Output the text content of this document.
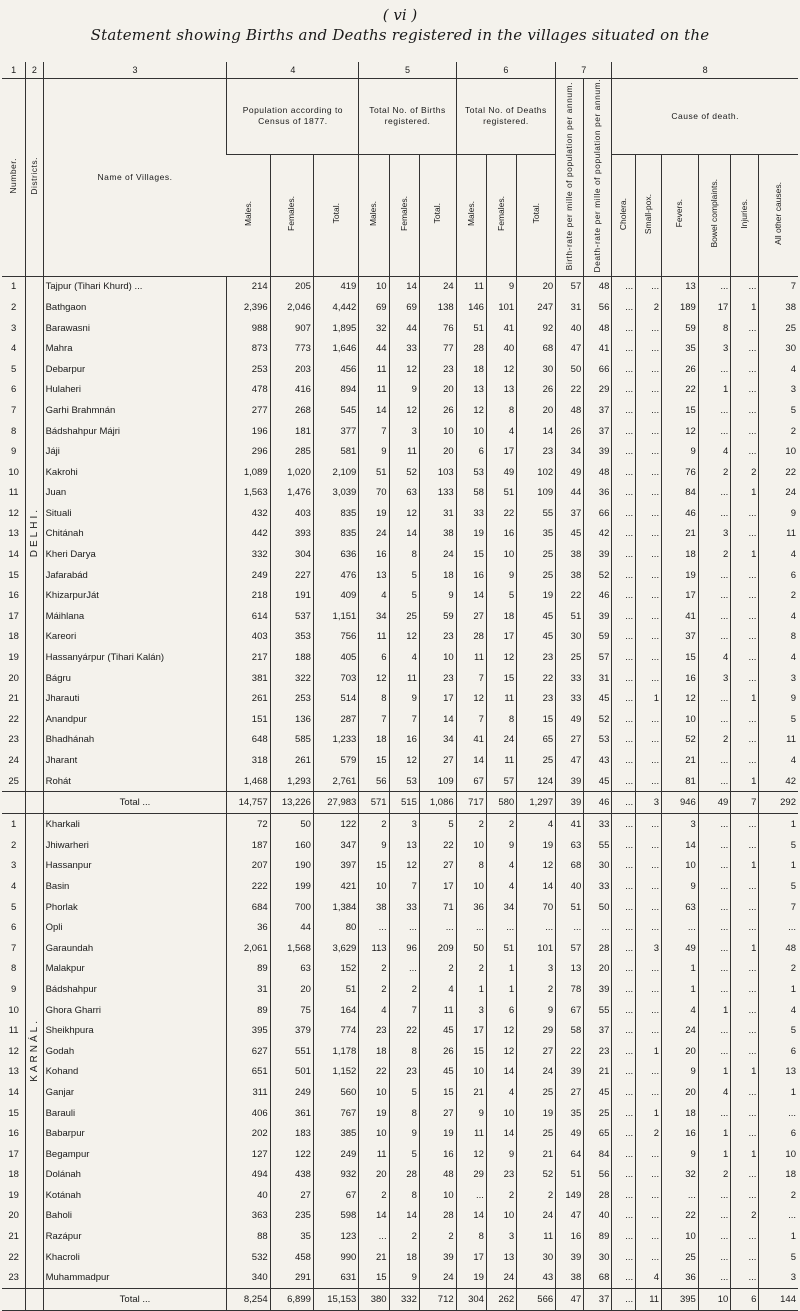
( vi )
Statement showing Births and Deaths registered in the villages situated on the
1	2	3	4			5			6			7		8					
Number.	Districts.	Name of Villages.	Population according to Census of 1877.			Total No. of Births registered.			Total No. of Deaths registered.			Birth-rate per mille of population per annum.	Death-rate per mille of population per annum.	Cause of death.					
			Males.	Females.	Total.	Males.	Females.	Total.	Males.	Females.	Total.			Cholera.	Small-pox.	Fevers.	Bowel complaints.	Injuries.	All other causes.
1	DELHI.	Tajpur (Tihari Khurd) ...	214	205	419	10	14	24	11	9	20	57	48	...	...	13	...	...	7
2		Bathgaon	2,396	2,046	4,442	69	69	138	146	101	247	31	56	...	2	189	17	1	38
3		Barawasni	988	907	1,895	32	44	76	51	41	92	40	48	...	...	59	8	...	25
4		Mahra	873	773	1,646	44	33	77	28	40	68	47	41	...	...	35	3	...	30
5		Debarpur	253	203	456	11	12	23	18	12	30	50	66	...	...	26	...	...	4
6		Hulaheri	478	416	894	11	9	20	13	13	26	22	29	...	...	22	1	...	3
7		Garhi Brahmnán	277	268	545	14	12	26	12	8	20	48	37	...	...	15	...	...	5
8		Bádshahpur Májri	196	181	377	7	3	10	10	4	14	26	37	...	...	12	...	...	2
9		Jáji	296	285	581	9	11	20	6	17	23	34	39	...	...	9	4	...	10
10		Kakrohi	1,089	1,020	2,109	51	52	103	53	49	102	49	48	...	...	76	2	2	22
11		Juan	1,563	1,476	3,039	70	63	133	58	51	109	44	36	...	...	84	...	1	24
12		Situali	432	403	835	19	12	31	33	22	55	37	66	...	...	46	...	...	9
13		Chitánah	442	393	835	24	14	38	19	16	35	45	42	...	...	21	3	...	11
14		Kheri Darya	332	304	636	16	8	24	15	10	25	38	39	...	...	18	2	1	4
15		Jafarabád	249	227	476	13	5	18	16	9	25	38	52	...	...	19	...	...	6
16		KhizarpurJát	218	191	409	4	5	9	14	5	19	22	46	...	...	17	...	...	2
17		Máihlana	614	537	1,151	34	25	59	27	18	45	51	39	...	...	41	...	...	4
18		Kareori	403	353	756	11	12	23	28	17	45	30	59	...	...	37	...	...	8
19		Hassanyárpur (Tihari Kalán)	217	188	405	6	4	10	11	12	23	25	57	...	...	15	4	...	4
20		Bágru	381	322	703	12	11	23	7	15	22	33	31	...	...	16	3	...	3
21		Jharauti	261	253	514	8	9	17	12	11	23	33	45	...	1	12	...	1	9
22		Anandpur	151	136	287	7	7	14	7	8	15	49	52	...	...	10	...	...	5
23		Bhadhánah	648	585	1,233	18	16	34	41	24	65	27	53	...	...	52	2	...	11
24		Jharant	318	261	579	15	12	27	14	11	25	47	43	...	...	21	...	...	4
25		Rohát	1,468	1,293	2,761	56	53	109	67	57	124	39	45	...	...	81	...	1	42
		Total ...	14,757	13,226	27,983	571	515	1,086	717	580	1,297	39	46	...	3	946	49	7	292
1	KARNÁL.	Kharkali	72	50	122	2	3	5	2	2	4	41	33	...	...	3	...	...	1
2		Jhiwarheri	187	160	347	9	13	22	10	9	19	63	55	...	...	14	...	...	5
3		Hassanpur	207	190	397	15	12	27	8	4	12	68	30	...	...	10	...	1	1
4		Basin	222	199	421	10	7	17	10	4	14	40	33	...	...	9	...	...	5
5		Phorlak	684	700	1,384	38	33	71	36	34	70	51	50	...	...	63	...	...	7
6		Opli	36	44	80	...	...	...	...	...	...	...	...	...	...	...	...	...	...
7		Garaundah	2,061	1,568	3,629	113	96	209	50	51	101	57	28	...	3	49	...	1	48
8		Malakpur	89	63	152	2	...	2	2	1	3	13	20	...	...	1	...	...	2
9		Bádshahpur	31	20	51	2	2	4	1	1	2	78	39	...	...	1	...	...	1
10		Ghora Gharri	89	75	164	4	7	11	3	6	9	67	55	...	...	4	1	...	4
11		Sheikhpura	395	379	774	23	22	45	17	12	29	58	37	...	...	24	...	...	5
12		Godah	627	551	1,178	18	8	26	15	12	27	22	23	...	1	20	...	...	6
13		Kohand	651	501	1,152	22	23	45	10	14	24	39	21	...	...	9	1	1	13
14		Ganjar	311	249	560	10	5	15	21	4	25	27	45	...	...	20	4	...	1
15		Barauli	406	361	767	19	8	27	9	10	19	35	25	...	1	18	...	...	...
16		Babarpur	202	183	385	10	9	19	11	14	25	49	65	...	2	16	1	...	6
17		Begampur	127	122	249	11	5	16	12	9	21	64	84	...	...	9	1	1	10
18		Dolánah	494	438	932	20	28	48	29	23	52	51	56	...	...	32	2	...	18
19		Kotánah	40	27	67	2	8	10	...	2	2	149	28	...	...	...	...	...	2
20		Baholi	363	235	598	14	14	28	14	10	24	47	40	...	...	22	...	2	...
21		Razápur	88	35	123	...	2	2	8	3	11	16	89	...	...	10	...	...	1
22		Khacroli	532	458	990	21	18	39	17	13	30	39	30	...	...	25	...	...	5
23		Muhammadpur	340	291	631	15	9	24	19	24	43	38	68	...	4	36	...	...	3
		Total ...	8,254	6,899	15,153	380	332	712	304	262	566	47	37	...	11	395	10	6	144
